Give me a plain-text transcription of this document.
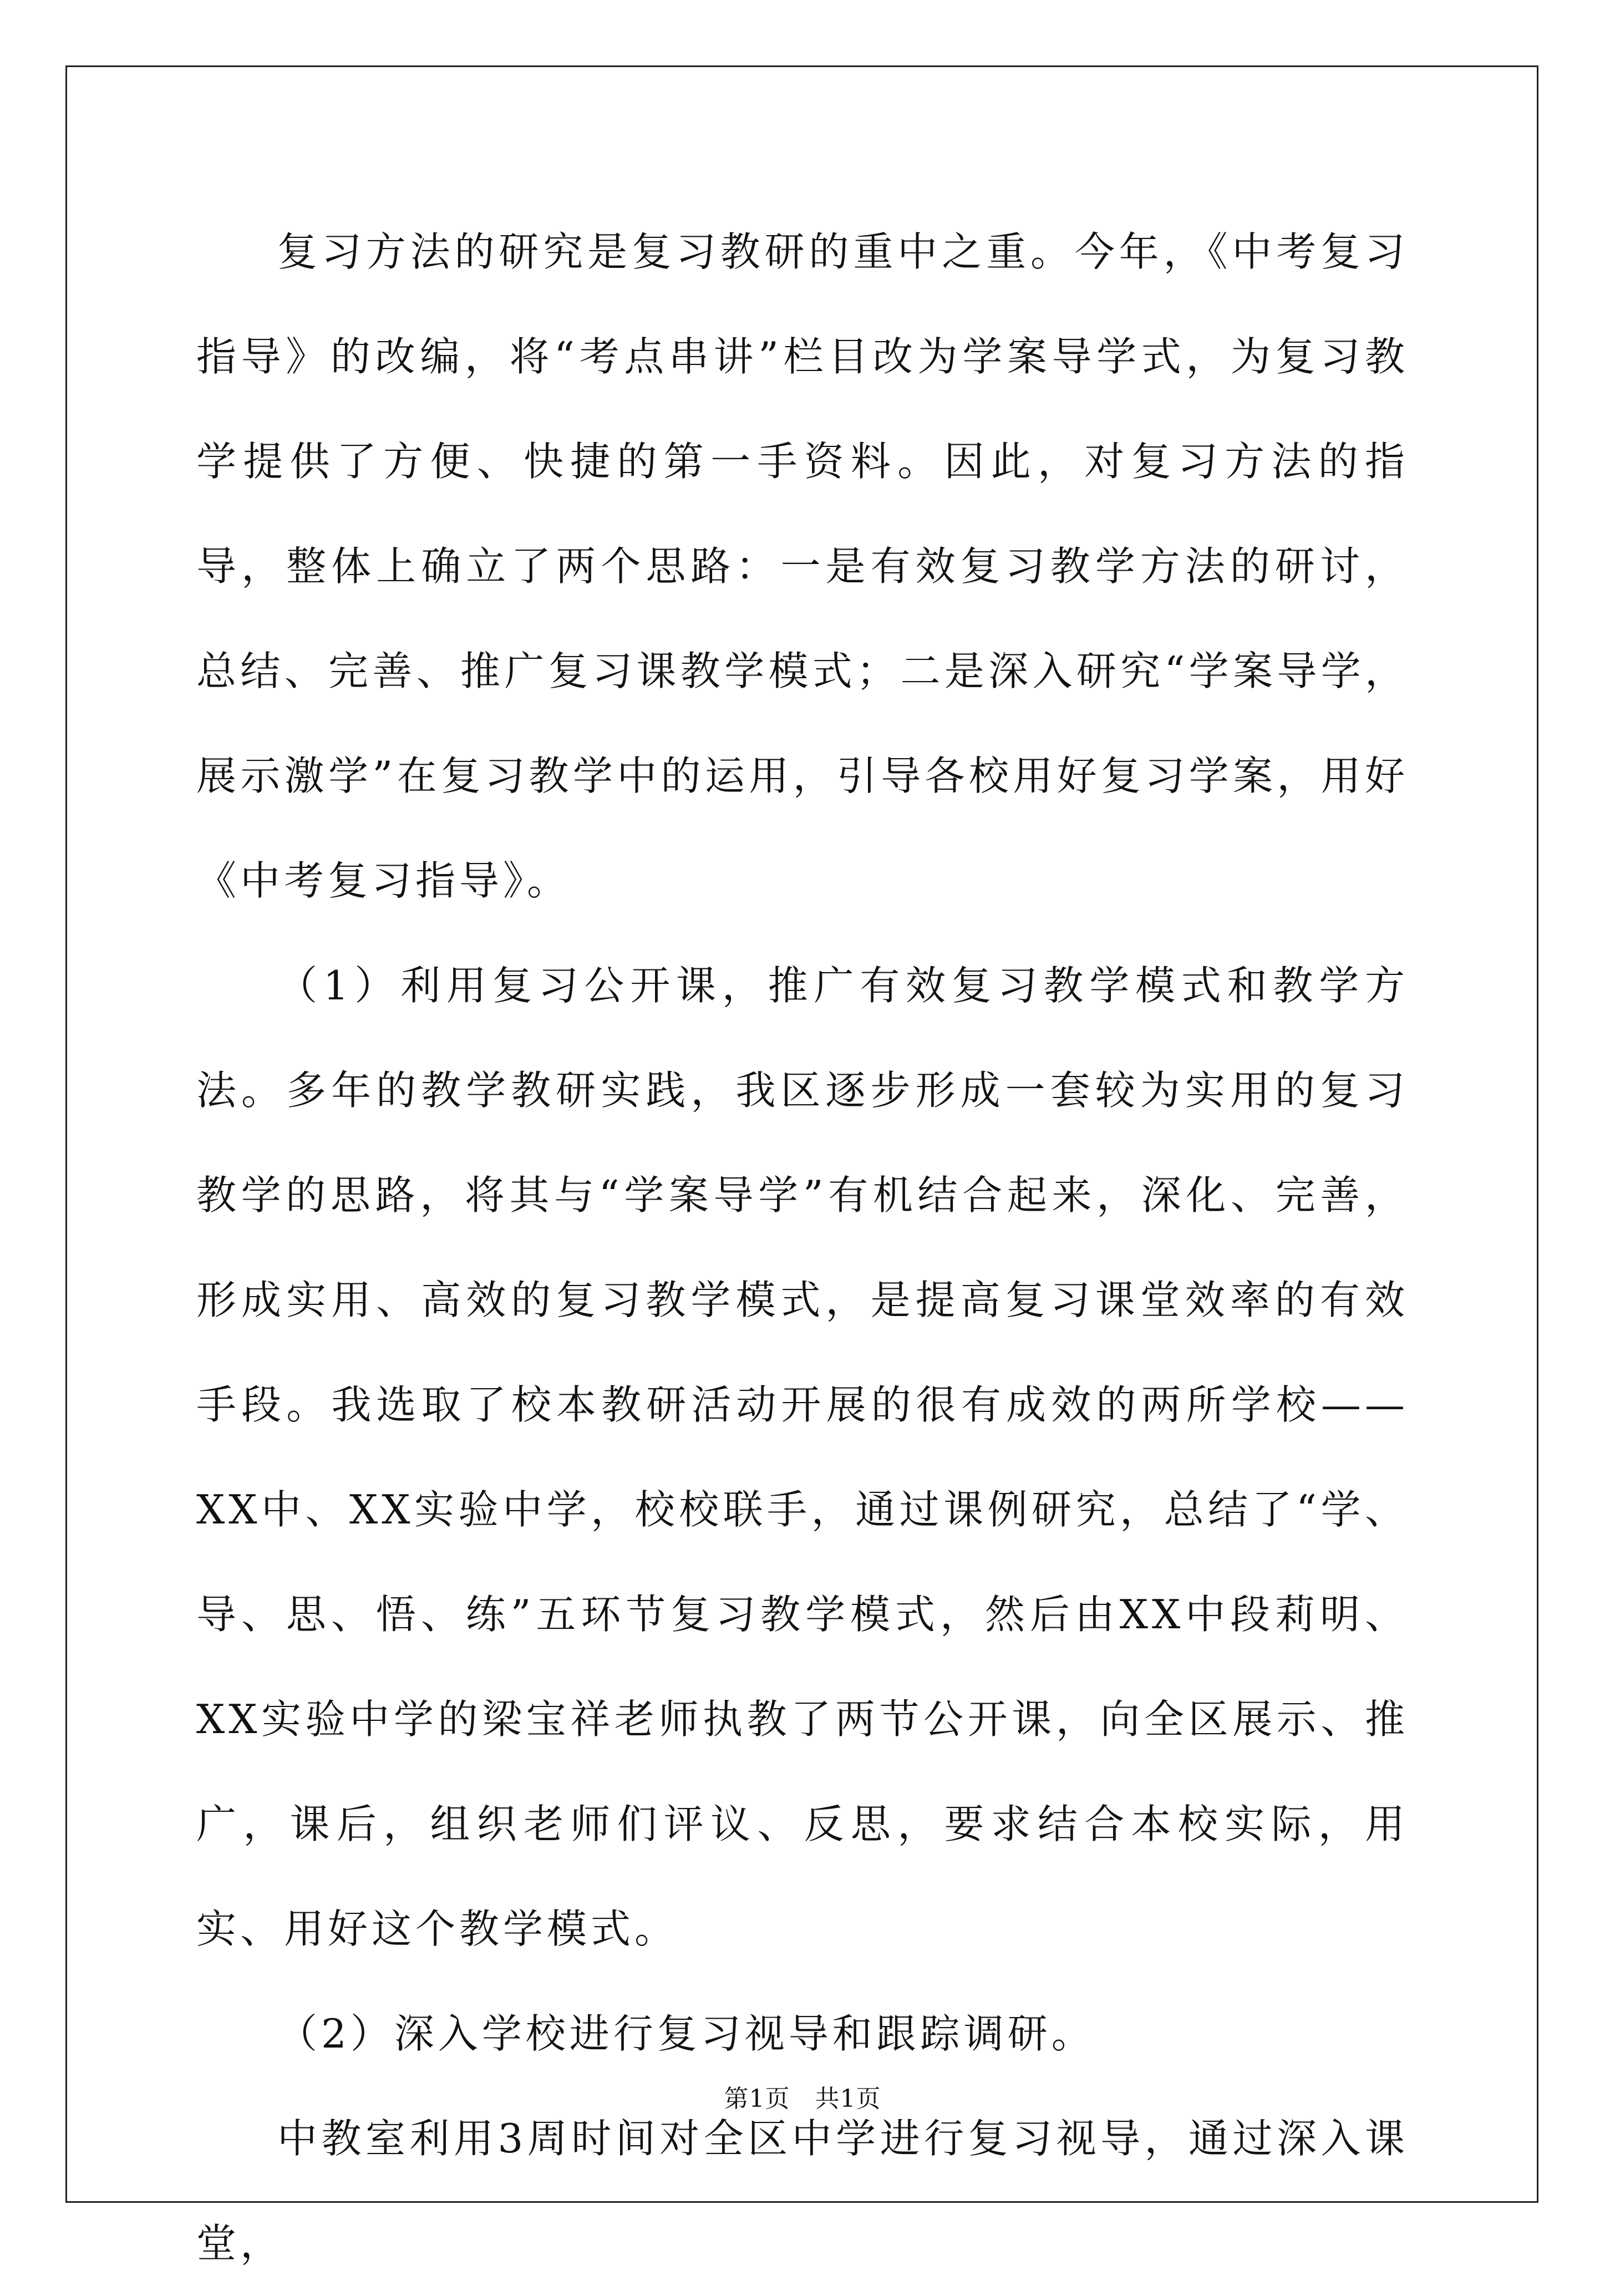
复习方法的研究是复习教研的重中之重。今年，《中考复习指导》的改编，将“考点串讲”栏目改为学案导学式，为复习教学提供了方便、快捷的第一手资料。因此，对复习方法的指导，整体上确立了两个思路：一是有效复习教学方法的研讨，总结、完善、推广复习课教学模式；二是深入研究“学案导学，展示激学”在复习教学中的运用，引导各校用好复习学案，用好《中考复习指导》。

（1）利用复习公开课，推广有效复习教学模式和教学方法。多年的教学教研实践，我区逐步形成一套较为实用的复习教学的思路，将其与“学案导学”有机结合起来，深化、完善，形成实用、高效的复习教学模式，是提高复习课堂效率的有效手段。我选取了校本教研活动开展的很有成效的两所学校——XX中、XX实验中学，校校联手，通过课例研究，总结了“学、导、思、悟、练”五环节复习教学模式，然后由XX中段莉明、XX实验中学的梁宝祥老师执教了两节公开课，向全区展示、推广，课后，组织老师们评议、反思，要求结合本校实际，用实、用好这个教学模式。

（2）深入学校进行复习视导和跟踪调研。

中教室利用3周时间对全区中学进行复习视导，通过深入课堂，

第1页　共1页
